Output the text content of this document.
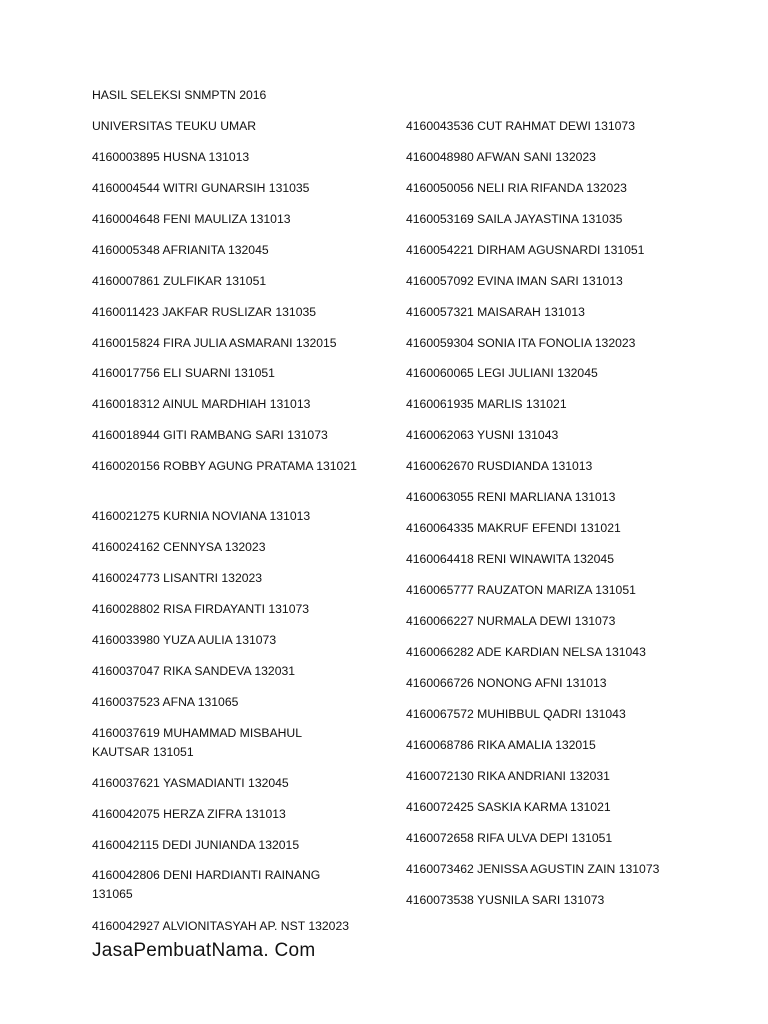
HASIL SELEKSI SNMPTN 2016

UNIVERSITAS TEUKU UMAR

4160003895 HUSNA 131013

4160004544 WITRI GUNARSIH 131035

4160004648 FENI MAULIZA 131013

4160005348 AFRIANITA 132045

4160007861 ZULFIKAR 131051

4160011423 JAKFAR RUSLIZAR 131035

4160015824 FIRA JULIA ASMARANI 132015

4160017756 ELI SUARNI 131051

4160018312 AINUL MARDHIAH 131013

4160018944 GITI RAMBANG SARI 131073

4160020156 ROBBY AGUNG PRATAMA 131021

4160021275 KURNIA NOVIANA 131013

4160024162 CENNYSA 132023

4160024773 LISANTRI 132023

4160028802 RISA FIRDAYANTI 131073

4160033980 YUZA AULIA 131073

4160037047 RIKA SANDEVA 132031

4160037523 AFNA 131065

4160037619 MUHAMMAD MISBAHUL KAUTSAR 131051

4160037621 YASMADIANTI 132045

4160042075 HERZA ZIFRA 131013

4160042115 DEDI JUNIANDA 132015

4160042806 DENI HARDIANTI RAINANG 131065

4160042927 ALVIONITASYAH AP. NST 132023

4160043536 CUT RAHMAT DEWI 131073

4160048980 AFWAN SANI 132023

4160050056 NELI RIA RIFANDA 132023

4160053169 SAILA JAYASTINA 131035

4160054221 DIRHAM AGUSNARDI 131051

4160057092 EVINA IMAN SARI 131013

4160057321 MAISARAH 131013

4160059304 SONIA ITA FONOLIA 132023

4160060065 LEGI JULIANI 132045

4160061935 MARLIS 131021

4160062063 YUSNI 131043

4160062670 RUSDIANDA 131013

4160063055 RENI MARLIANA 131013

4160064335 MAKRUF EFENDI 131021

4160064418 RENI WINAWITA 132045

4160065777 RAUZATON MARIZA 131051

4160066227 NURMALA DEWI 131073

4160066282 ADE KARDIAN NELSA 131043

4160066726 NONONG AFNI 131013

4160067572 MUHIBBUL QADRI 131043

4160068786 RIKA AMALIA 132015

4160072130 RIKA ANDRIANI 132031

4160072425 SASKIA KARMA 131021

4160072658 RIFA ULVA DEPI 131051

4160073462 JENISSA AGUSTIN ZAIN 131073

4160073538 YUSNILA SARI 131073

JasaPembuatNama. Com
